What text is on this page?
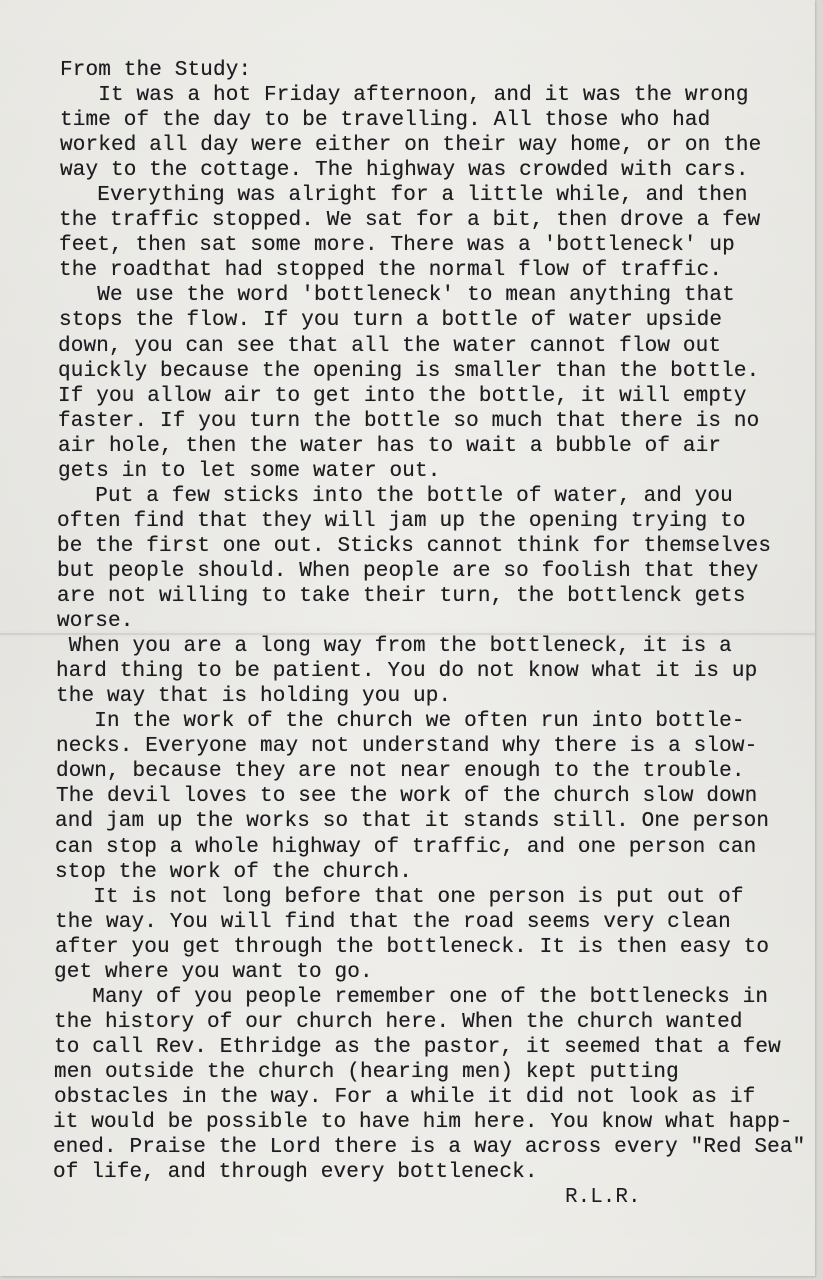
From the Study:
It was a hot Friday afternoon, and it was the wrong
time of the day to be travelling. All those who had
worked all day were either on their way home, or on the
way to the cottage. The highway was crowded with cars.
Everything was alright for a little while, and then
the traffic stopped. We sat for a bit, then drove a few
feet, then sat some more. There was a 'bottleneck' up
the roadthat had stopped the normal flow of traffic.
We use the word 'bottleneck' to mean anything that
stops the flow. If you turn a bottle of water upside
down, you can see that all the water cannot flow out
quickly because the opening is smaller than the bottle.
If you allow air to get into the bottle, it will empty
faster. If you turn the bottle so much that there is no
air hole, then the water has to wait a bubble of air
gets in to let some water out.
Put a few sticks into the bottle of water, and you
often find that they will jam up the opening trying to
be the first one out. Sticks cannot think for themselves
but people should. When people are so foolish that they
are not willing to take their turn, the bottlenck gets
worse.
When you are a long way from the bottleneck, it is a
hard thing to be patient. You do not know what it is up
the way that is holding you up.
In the work of the church we often run into bottle-
necks. Everyone may not understand why there is a slow-
down, because they are not near enough to the trouble.
The devil loves to see the work of the church slow down
and jam up the works so that it stands still. One person
can stop a whole highway of traffic, and one person can
stop the work of the church.
It is not long before that one person is put out of
the way. You will find that the road seems very clean
after you get through the bottleneck. It is then easy to
get where you want to go.
Many of you people remember one of the bottlenecks in
the history of our church here. When the church wanted
to call Rev. Ethridge as the pastor, it seemed that a few
men outside the church (hearing men) kept putting
obstacles in the way. For a while it did not look as if
it would be possible to have him here. You know what happ-
ened. Praise the Lord there is a way across every "Red Sea"
of life, and through every bottleneck.
R.L.R.
